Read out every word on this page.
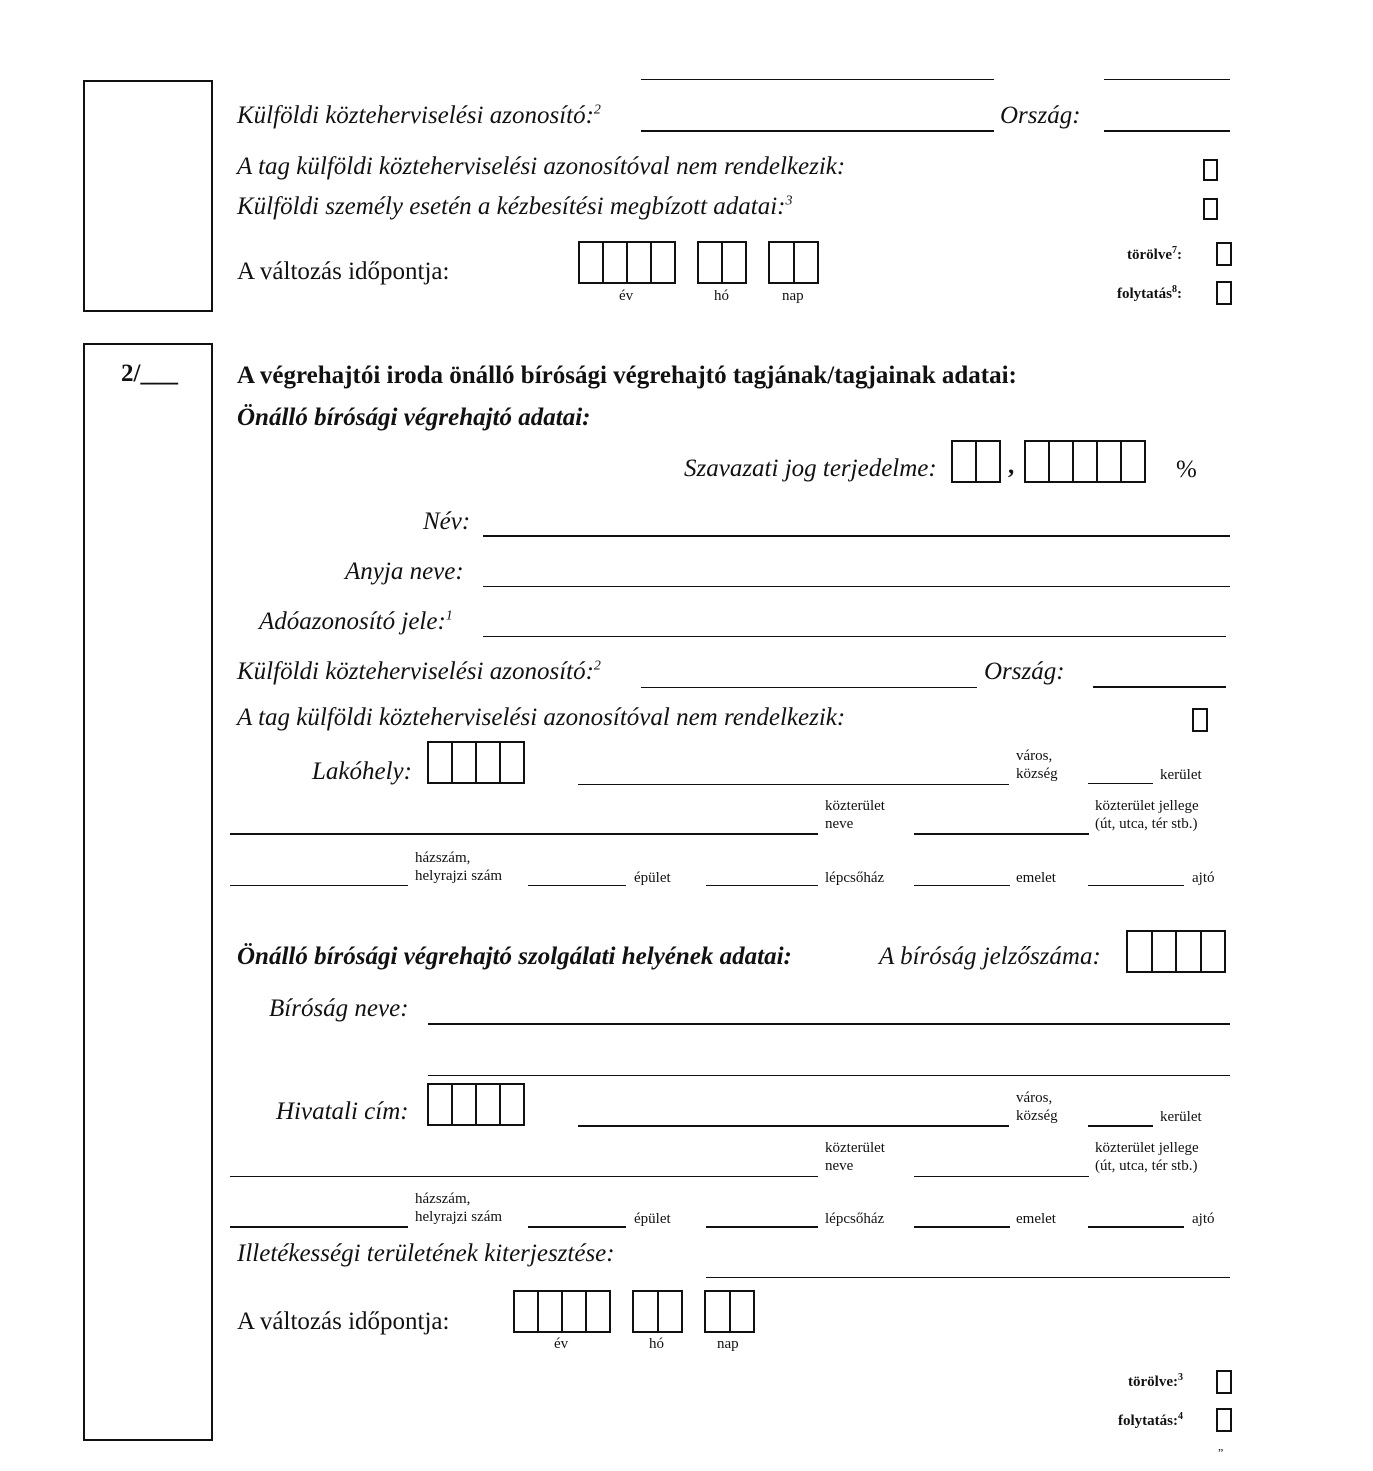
Külföldi közteherviselési azonosító:$^2$	Ország:
A tag külföldi közteherviselési azonosítóval nem rendelkezik:
Külföldi személy esetén a kézbesítési megbízott adatai:$^3$
A változás időpontja:
év	hó	nap
törölve$^7$:
folytatás$^8$:
2/___ A végrehajtói iroda önálló bírósági végrehajtó tagjának/tagjainak adatai:
Önálló bírósági végrehajtó adatai:
Szavazati jog terjedelme:	,	%
Név:
Anyja neve:
Adóazonosító jele:$^1$
Külföldi közteherviselési azonosító:$^2$	Ország:
A tag külföldi közteherviselési azonosítóval nem rendelkezik:
Lakóhely:
város,
község	kerület
közterület
neve
közterület jellege
(út, utca, tér stb.)
házszám,
helyrajzi szám	épület	lépcsőház	emelet	ajtó
Önálló bírósági végrehajtó szolgálati helyének adatai:	A bíróság jelzőszáma:
Bíróság neve:
Hivatali cím:	város,
község	kerület
közterület
neve
közterület jellege
(út, utca, tér stb.)
házszám,
helyrajzi szám	épület	lépcsőház	emelet	ajtó
Illetékességi területének kiterjesztése:
A változás időpontja:
év	hó	nap
törölve:$^3$
folytatás:$^4$
„
